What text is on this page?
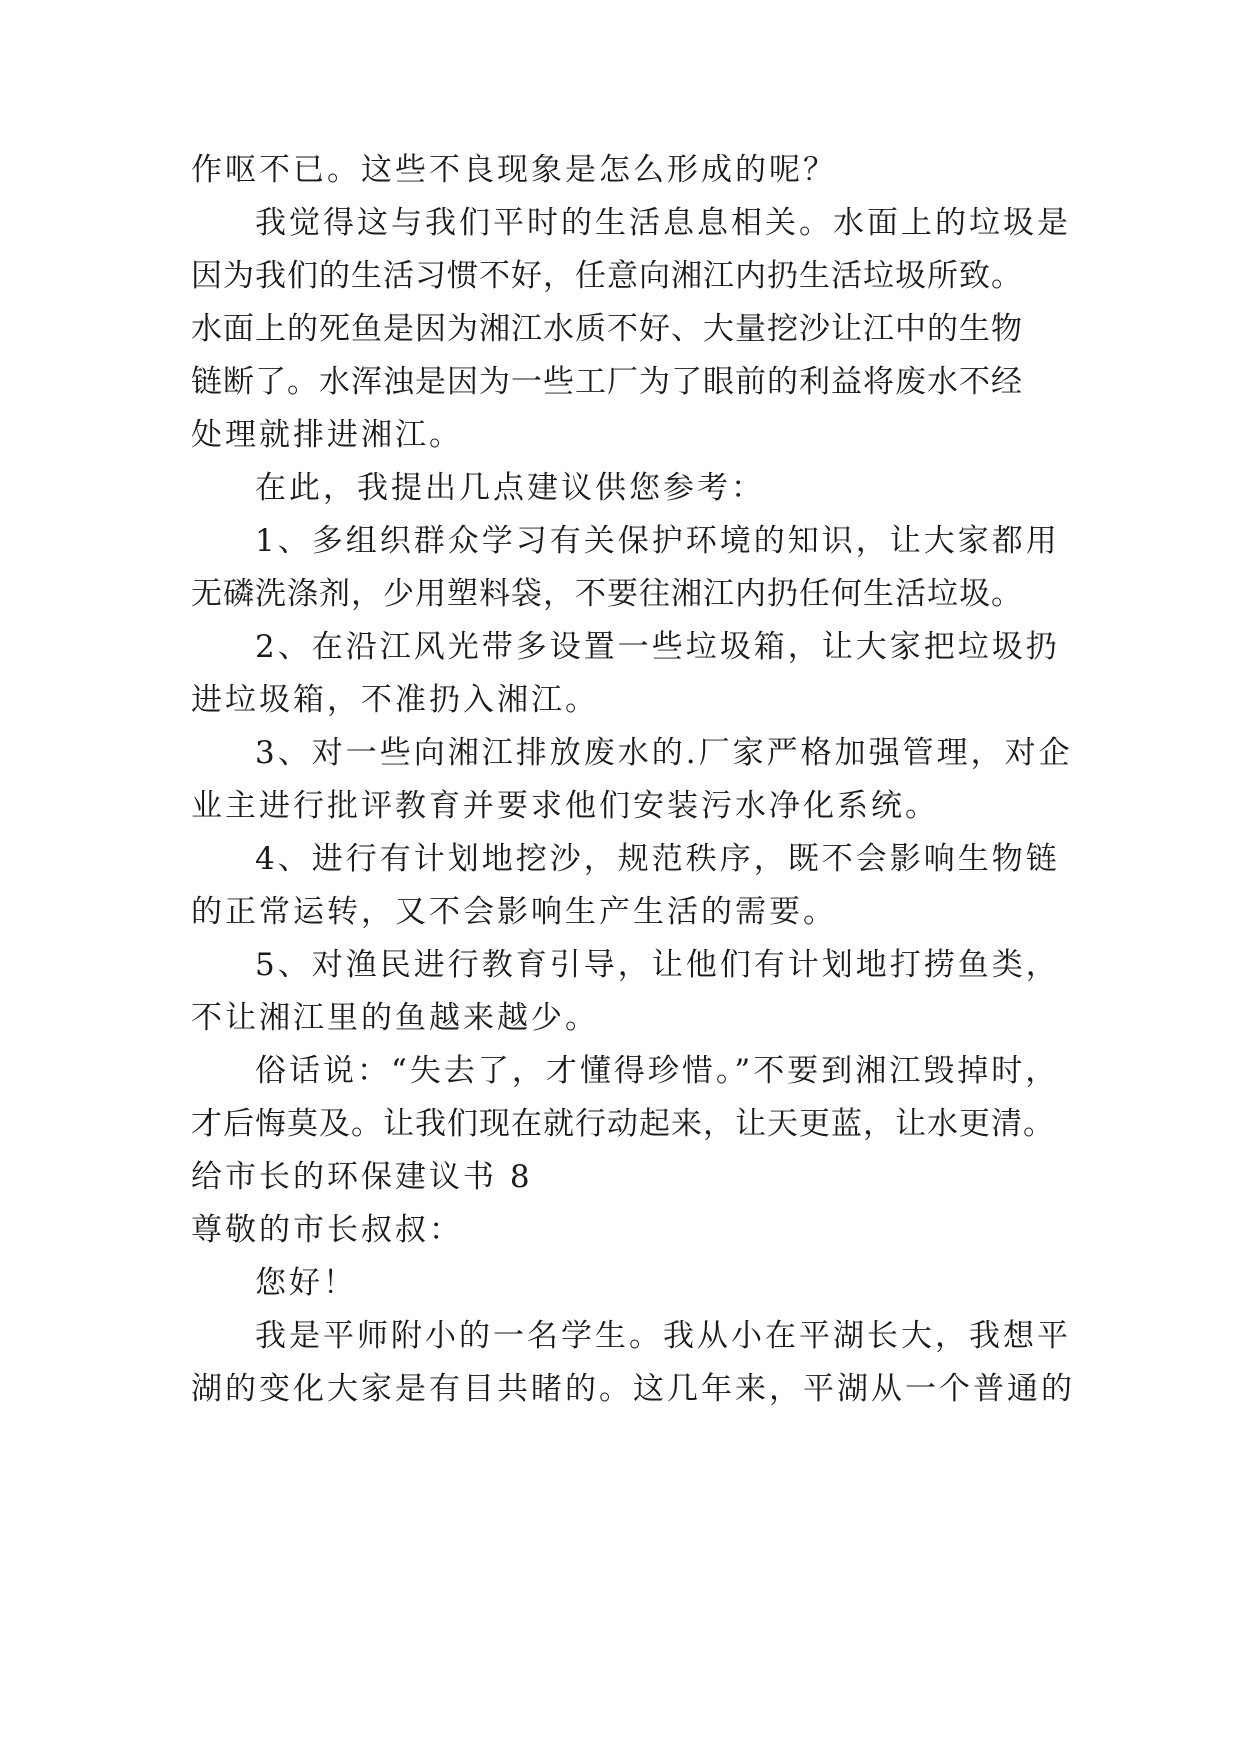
作呕不已。这些不良现象是怎么形成的呢？
我觉得这与我们平时的生活息息相关。水面上的垃圾是
因为我们的生活习惯不好，任意向湘江内扔生活垃圾所致。
水面上的死鱼是因为湘江水质不好、大量挖沙让江中的生物
链断了。水浑浊是因为一些工厂为了眼前的利益将废水不经
处理就排进湘江。
在此，我提出几点建议供您参考：
1、多组织群众学习有关保护环境的知识，让大家都用
无磷洗涤剂，少用塑料袋，不要往湘江内扔任何生活垃圾。
2、在沿江风光带多设置一些垃圾箱，让大家把垃圾扔
进垃圾箱，不准扔入湘江。
3、对一些向湘江排放废水的.厂家严格加强管理，对企
业主进行批评教育并要求他们安装污水净化系统。
4、进行有计划地挖沙，规范秩序，既不会影响生物链
的正常运转，又不会影响生产生活的需要。
5、对渔民进行教育引导，让他们有计划地打捞鱼类，
不让湘江里的鱼越来越少。
俗话说：“失去了，才懂得珍惜。”不要到湘江毁掉时，
才后悔莫及。让我们现在就行动起来，让天更蓝，让水更清。
给市长的环保建议书 8
尊敬的市长叔叔：
您好！
我是平师附小的一名学生。我从小在平湖长大，我想平
湖的变化大家是有目共睹的。这几年来，平湖从一个普通的
